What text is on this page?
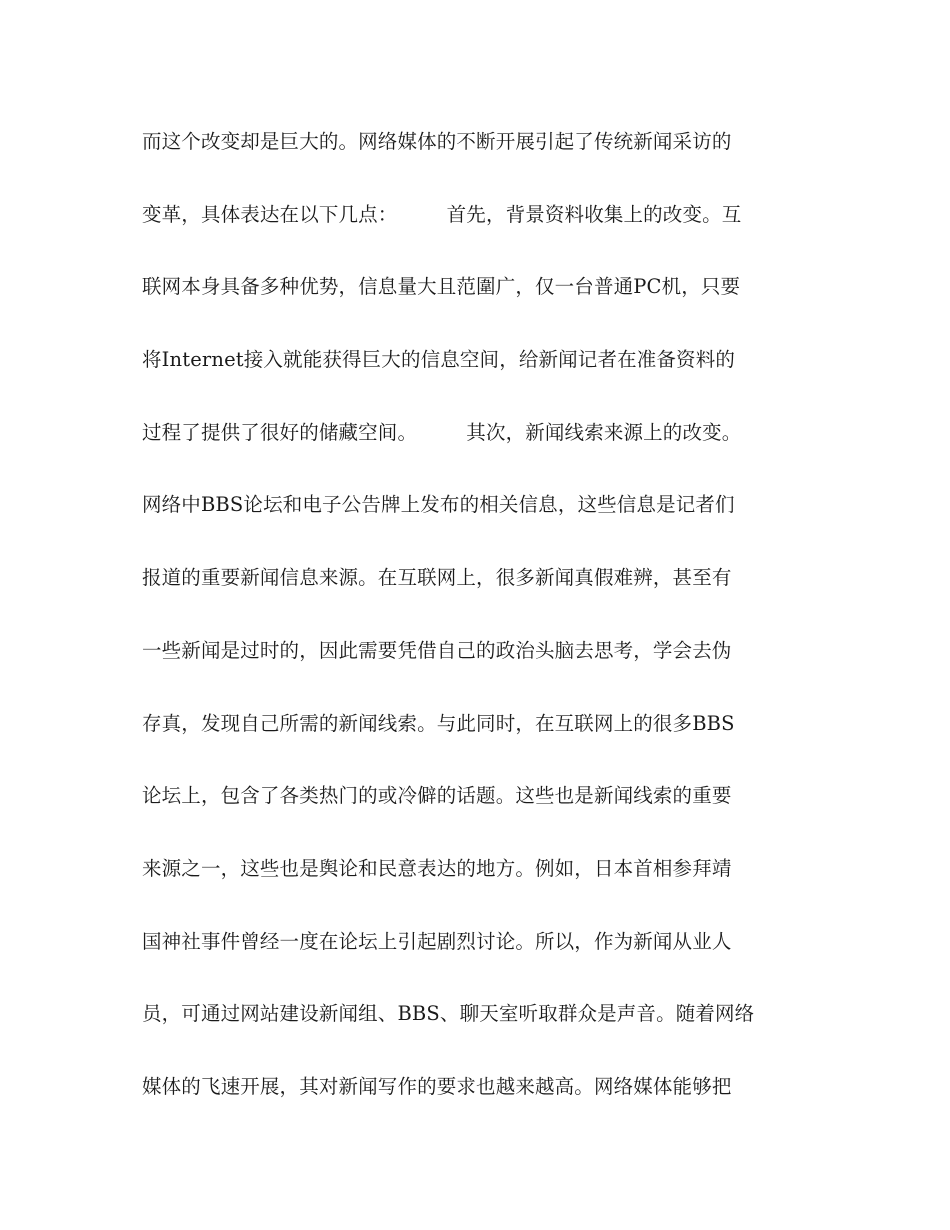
而这个改变却是巨大的。网络媒体的不断开展引起了传统新闻采访的
变革，具体表达在以下几点：　　　首先，背景资料收集上的改变。互
联网本身具备多种优势，信息量大且范圍广，仅一台普通PC机，只要
将Internet接入就能获得巨大的信息空间，给新闻记者在准备资料的
过程了提供了很好的储藏空间。　　　其次，新闻线索来源上的改变。
网络中BBS论坛和电子公告牌上发布的相关信息，这些信息是记者们
报道的重要新闻信息来源。在互联网上，很多新闻真假难辨，甚至有
一些新闻是过时的，因此需要凭借自己的政治头脑去思考，学会去伪
存真，发现自己所需的新闻线索。与此同时，在互联网上的很多BBS
论坛上，包含了各类热门的或冷僻的话题。这些也是新闻线索的重要
来源之一，这些也是舆论和民意表达的地方。例如，日本首相参拜靖
国神社事件曾经一度在论坛上引起剧烈讨论。所以，作为新闻从业人
员，可通过网站建设新闻组、BBS、聊天室听取群众是声音。随着网络
媒体的飞速开展，其对新闻写作的要求也越来越高。网络媒体能够把
